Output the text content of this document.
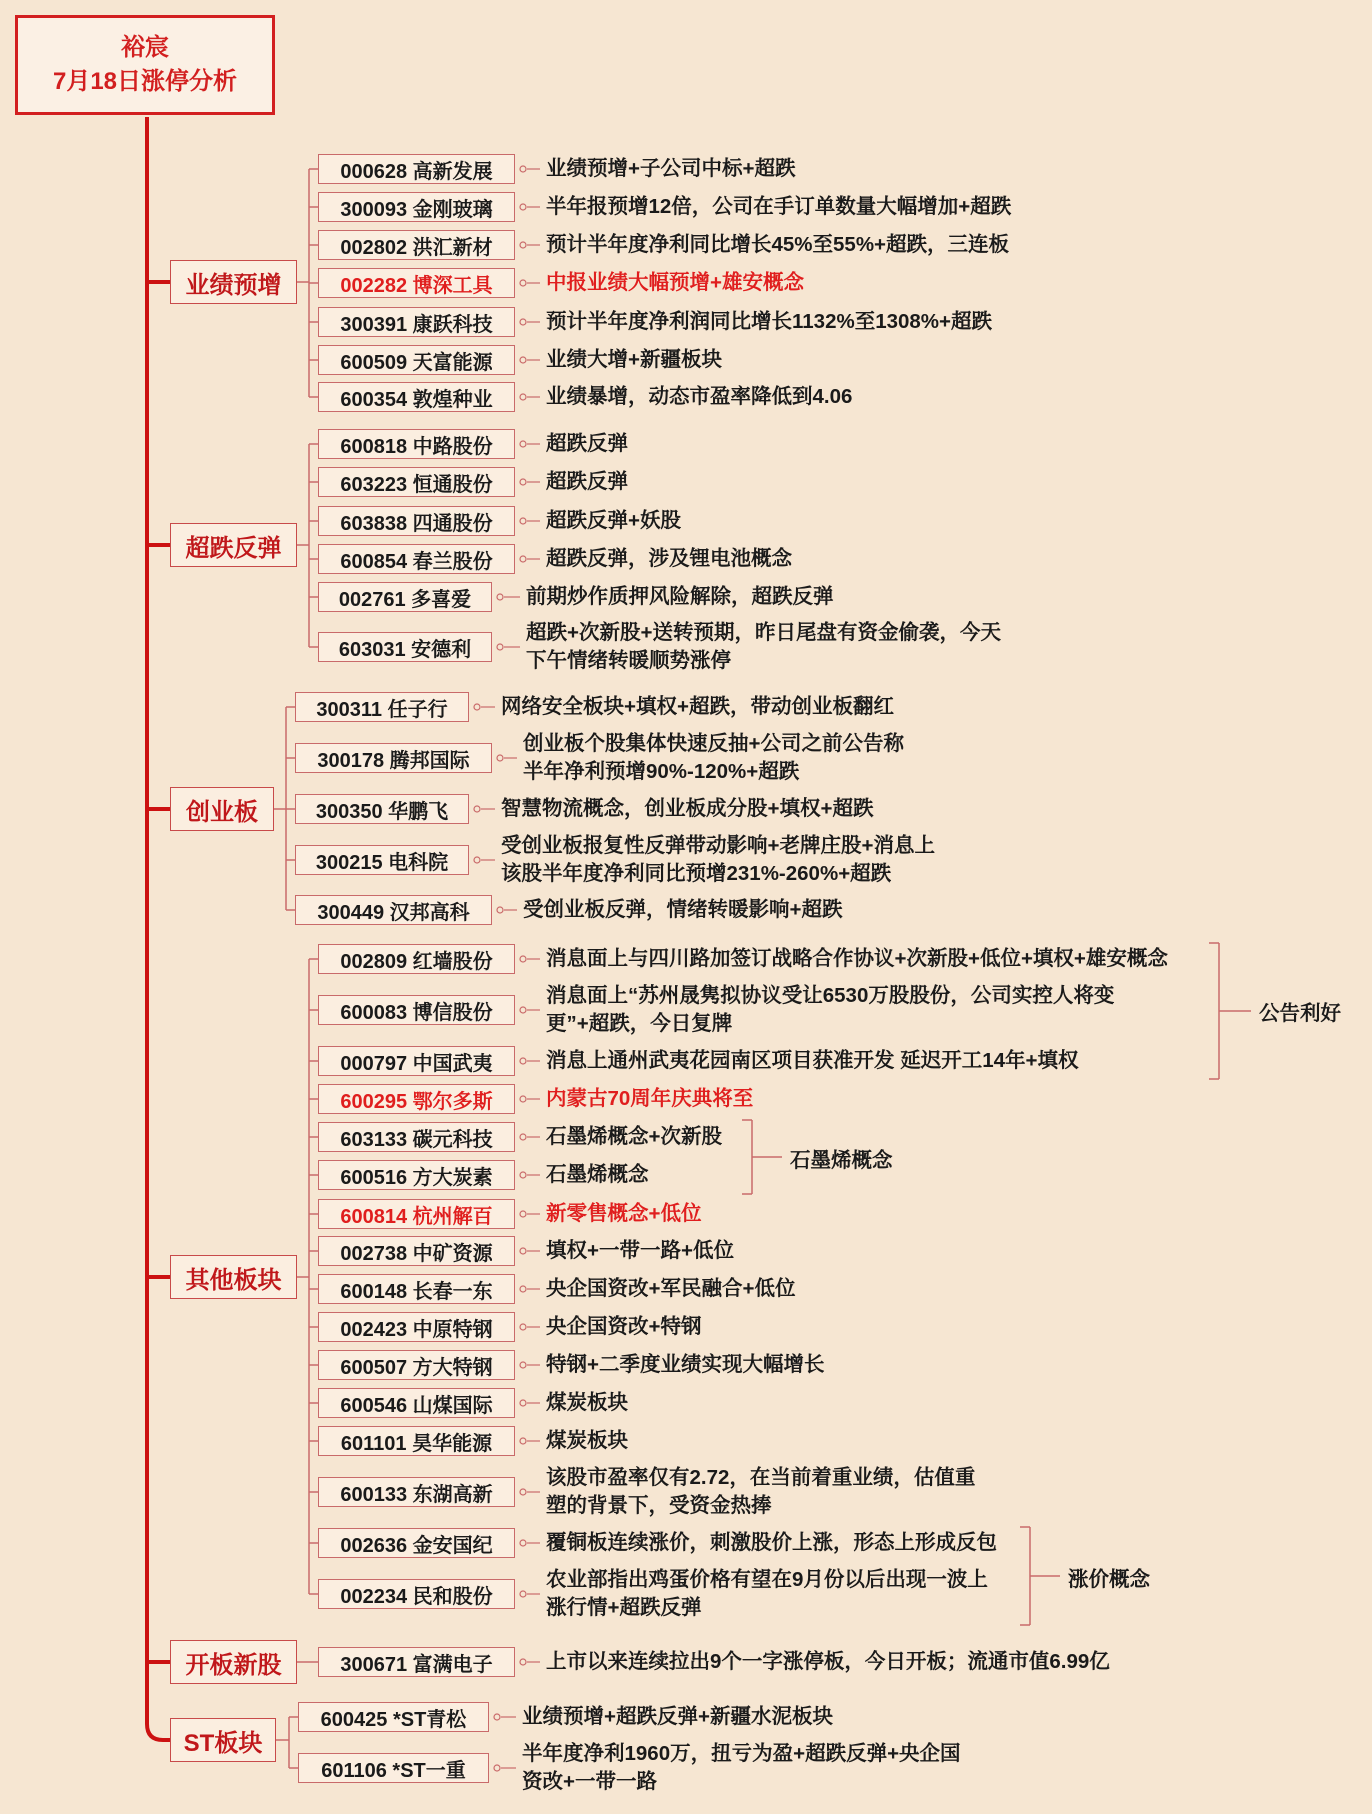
裕宸
7月18日涨停分析
业绩预增
000628 高新发展	业绩预增+子公司中标+超跌
300093 金刚玻璃	半年报预增12倍，公司在手订单数量大幅增加+超跌
002802 洪汇新材	预计半年度净利同比增长45%至55%+超跌，三连板
002282 博深工具	中报业绩大幅预增+雄安概念
300391 康跃科技	预计半年度净利润同比增长1132%至1308%+超跌
600509 天富能源	业绩大增+新疆板块
600354 敦煌种业	业绩暴增，动态市盈率降低到4.06
超跌反弹
600818 中路股份	超跌反弹
603223 恒通股份	超跌反弹
603838 四通股份	超跌反弹+妖股
600854 春兰股份	超跌反弹，涉及锂电池概念
002761 多喜爱	前期炒作质押风险解除，超跌反弹
603031 安德利
超跌+次新股+送转预期，昨日尾盘有资金偷袭，今天
下午情绪转暖顺势涨停
创业板
300311 任子行	网络安全板块+填权+超跌，带动创业板翻红
300178 腾邦国际
创业板个股集体快速反抽+公司之前公告称
半年净利预增90%-120%+超跌
300350 华鹏飞	智慧物流概念，创业板成分股+填权+超跌
300215 电科院
受创业板报复性反弹带动影响+老牌庄股+消息上
该股半年度净利同比预增231%-260%+超跌
300449 汉邦高科	受创业板反弹，情绪转暖影响+超跌
其他板块
002809 红墙股份	消息面上与四川路加签订战略合作协议+次新股+低位+填权+雄安概念
600083 博信股份
消息面上“苏州晟隽拟协议受让6530万股股份，公司实控人将变
更”+超跌，今日复牌
000797 中国武夷	消息上通州武夷花园南区项目获准开发 延迟开工14年+填权
600295 鄂尔多斯	内蒙古70周年庆典将至
603133 碳元科技	石墨烯概念+次新股
600516 方大炭素	石墨烯概念
600814 杭州解百	新零售概念+低位
002738 中矿资源	填权+一带一路+低位
600148 长春一东	央企国资改+军民融合+低位
002423 中原特钢	央企国资改+特钢
600507 方大特钢	特钢+二季度业绩实现大幅增长
600546 山煤国际	煤炭板块
601101 昊华能源	煤炭板块
600133 东湖高新
该股市盈率仅有2.72，在当前着重业绩，估值重
塑的背景下，受资金热捧
002636 金安国纪	覆铜板连续涨价，刺激股价上涨，形态上形成反包
002234 民和股份
农业部指出鸡蛋价格有望在9月份以后出现一波上
涨行情+超跌反弹
开板新股	300671 富满电子	上市以来连续拉出9个一字涨停板，今日开板；流通市值6.99亿
ST板块
600425 *ST青松	业绩预增+超跌反弹+新疆水泥板块
601106 *ST一重
半年度净利1960万，扭亏为盈+超跌反弹+央企国
资改+一带一路
公告利好
石墨烯概念
涨价概念
